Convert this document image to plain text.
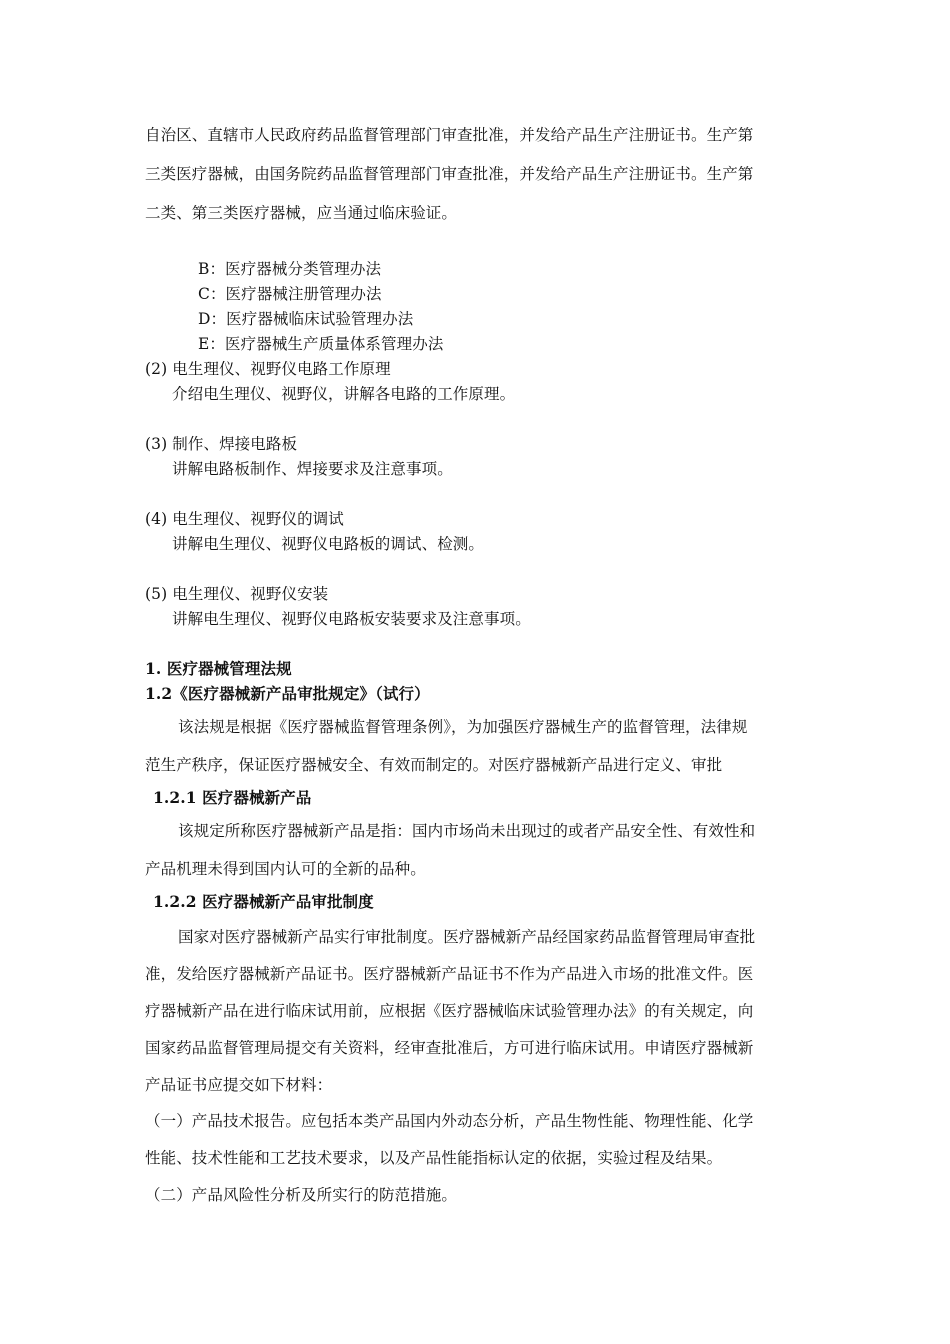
自治区、直辖市人民政府药品监督管理部门审查批准，并发给产品生产注册证书。生产第
三类医疗器械，由国务院药品监督管理部门审查批准，并发给产品生产注册证书。生产第
二类、第三类医疗器械，应当通过临床验证。
B：医疗器械分类管理办法
C：医疗器械注册管理办法
D：医疗器械临床试验管理办法
E：医疗器械生产质量体系管理办法
(2) 电生理仪、视野仪电路工作原理
介绍电生理仪、视野仪，讲解各电路的工作原理。
(3) 制作、焊接电路板
讲解电路板制作、焊接要求及注意事项。
(4) 电生理仪、视野仪的调试
讲解电生理仪、视野仪电路板的调试、检测。
(5) 电生理仪、视野仪安装
讲解电生理仪、视野仪电路板安装要求及注意事项。
1. 医疗器械管理法规
1.2《医疗器械新产品审批规定》（试行）
该法规是根据《医疗器械监督管理条例》，为加强医疗器械生产的监督管理，法律规
范生产秩序，保证医疗器械安全、有效而制定的。对医疗器械新产品进行定义、审批
1.2.1 医疗器械新产品
该规定所称医疗器械新产品是指：国内市场尚未出现过的或者产品安全性、有效性和
产品机理未得到国内认可的全新的品种。
1.2.2 医疗器械新产品审批制度
国家对医疗器械新产品实行审批制度。医疗器械新产品经国家药品监督管理局审查批
准，发给医疗器械新产品证书。医疗器械新产品证书不作为产品进入市场的批准文件。医
疗器械新产品在进行临床试用前，应根据《医疗器械临床试验管理办法》的有关规定，向
国家药品监督管理局提交有关资料，经审查批准后，方可进行临床试用。申请医疗器械新
产品证书应提交如下材料：
（一）产品技术报告。应包括本类产品国内外动态分析，产品生物性能、物理性能、化学
性能、技术性能和工艺技术要求，以及产品性能指标认定的依据，实验过程及结果。
（二）产品风险性分析及所实行的防范措施。
